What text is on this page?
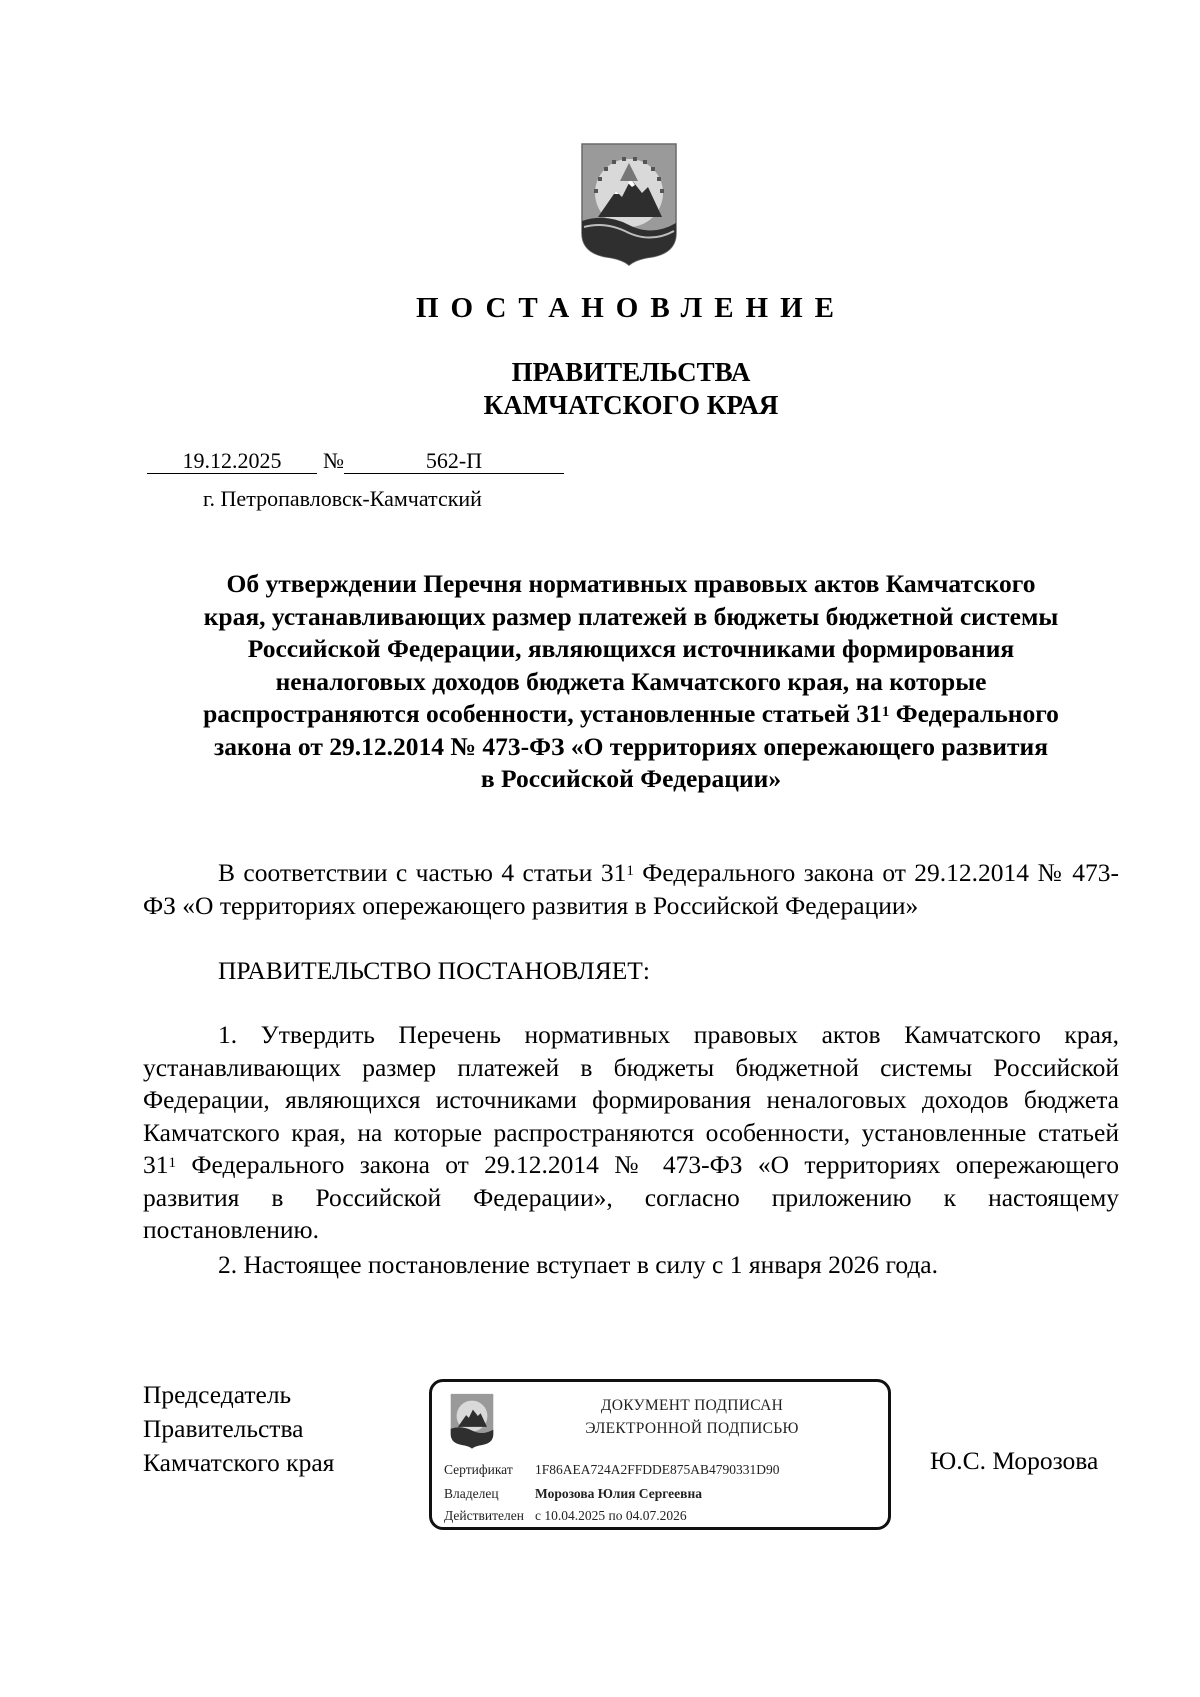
ПОСТАНОВЛЕНИЕ
ПРАВИТЕЛЬСТВА
КАМЧАТСКОГО КРАЯ
19.12.2025 №	562-П
г. Петропавловск-Камчатский
Об утверждении Перечня нормативных правовых актов Камчатского
края, устанавливающих размер платежей в бюджеты бюджетной системы
Российской Федерации, являющихся источниками формирования
неналоговых доходов бюджета Камчатского края, на которые
распространяются особенности, установленные статьей $31^1$ Федерального
закона от 29.12.2014 № 473-ФЗ «О территориях опережающего развития
в Российской Федерации»
В соответствии с частью 4 статьи $31^1$ Федерального закона от 29.12.2014 № 473-ФЗ «О территориях опережающего развития в Российской Федерации»
ПРАВИТЕЛЬСТВО ПОСТАНОВЛЯЕТ:
1. Утвердить Перечень нормативных правовых актов Камчатского края, устанавливающих размер платежей в бюджеты бюджетной системы Российской Федерации, являющихся источниками формирования неналоговых доходов бюджета Камчатского края, на которые распространяются особенности, установленные статьей $31^1$ Федерального закона от 29.12.2014 № 473-ФЗ «О территориях опережающего развития в Российской Федерации», согласно приложению к настоящему постановлению.
2. Настоящее постановление вступает в силу с 1 января 2026 года.
Председатель
Правительства
Камчатского края	Ю.С. Морозова
ДОКУМЕНТ ПОДПИСАН
ЭЛЕКТРОННОЙ ПОДПИСЬЮ
Сертификат 1F86AEA724A2FFDDE875AB4790331D90
Владелец	Морозова Юлия Сергеевна
Действителен с 10.04.2025 по 04.07.2026
